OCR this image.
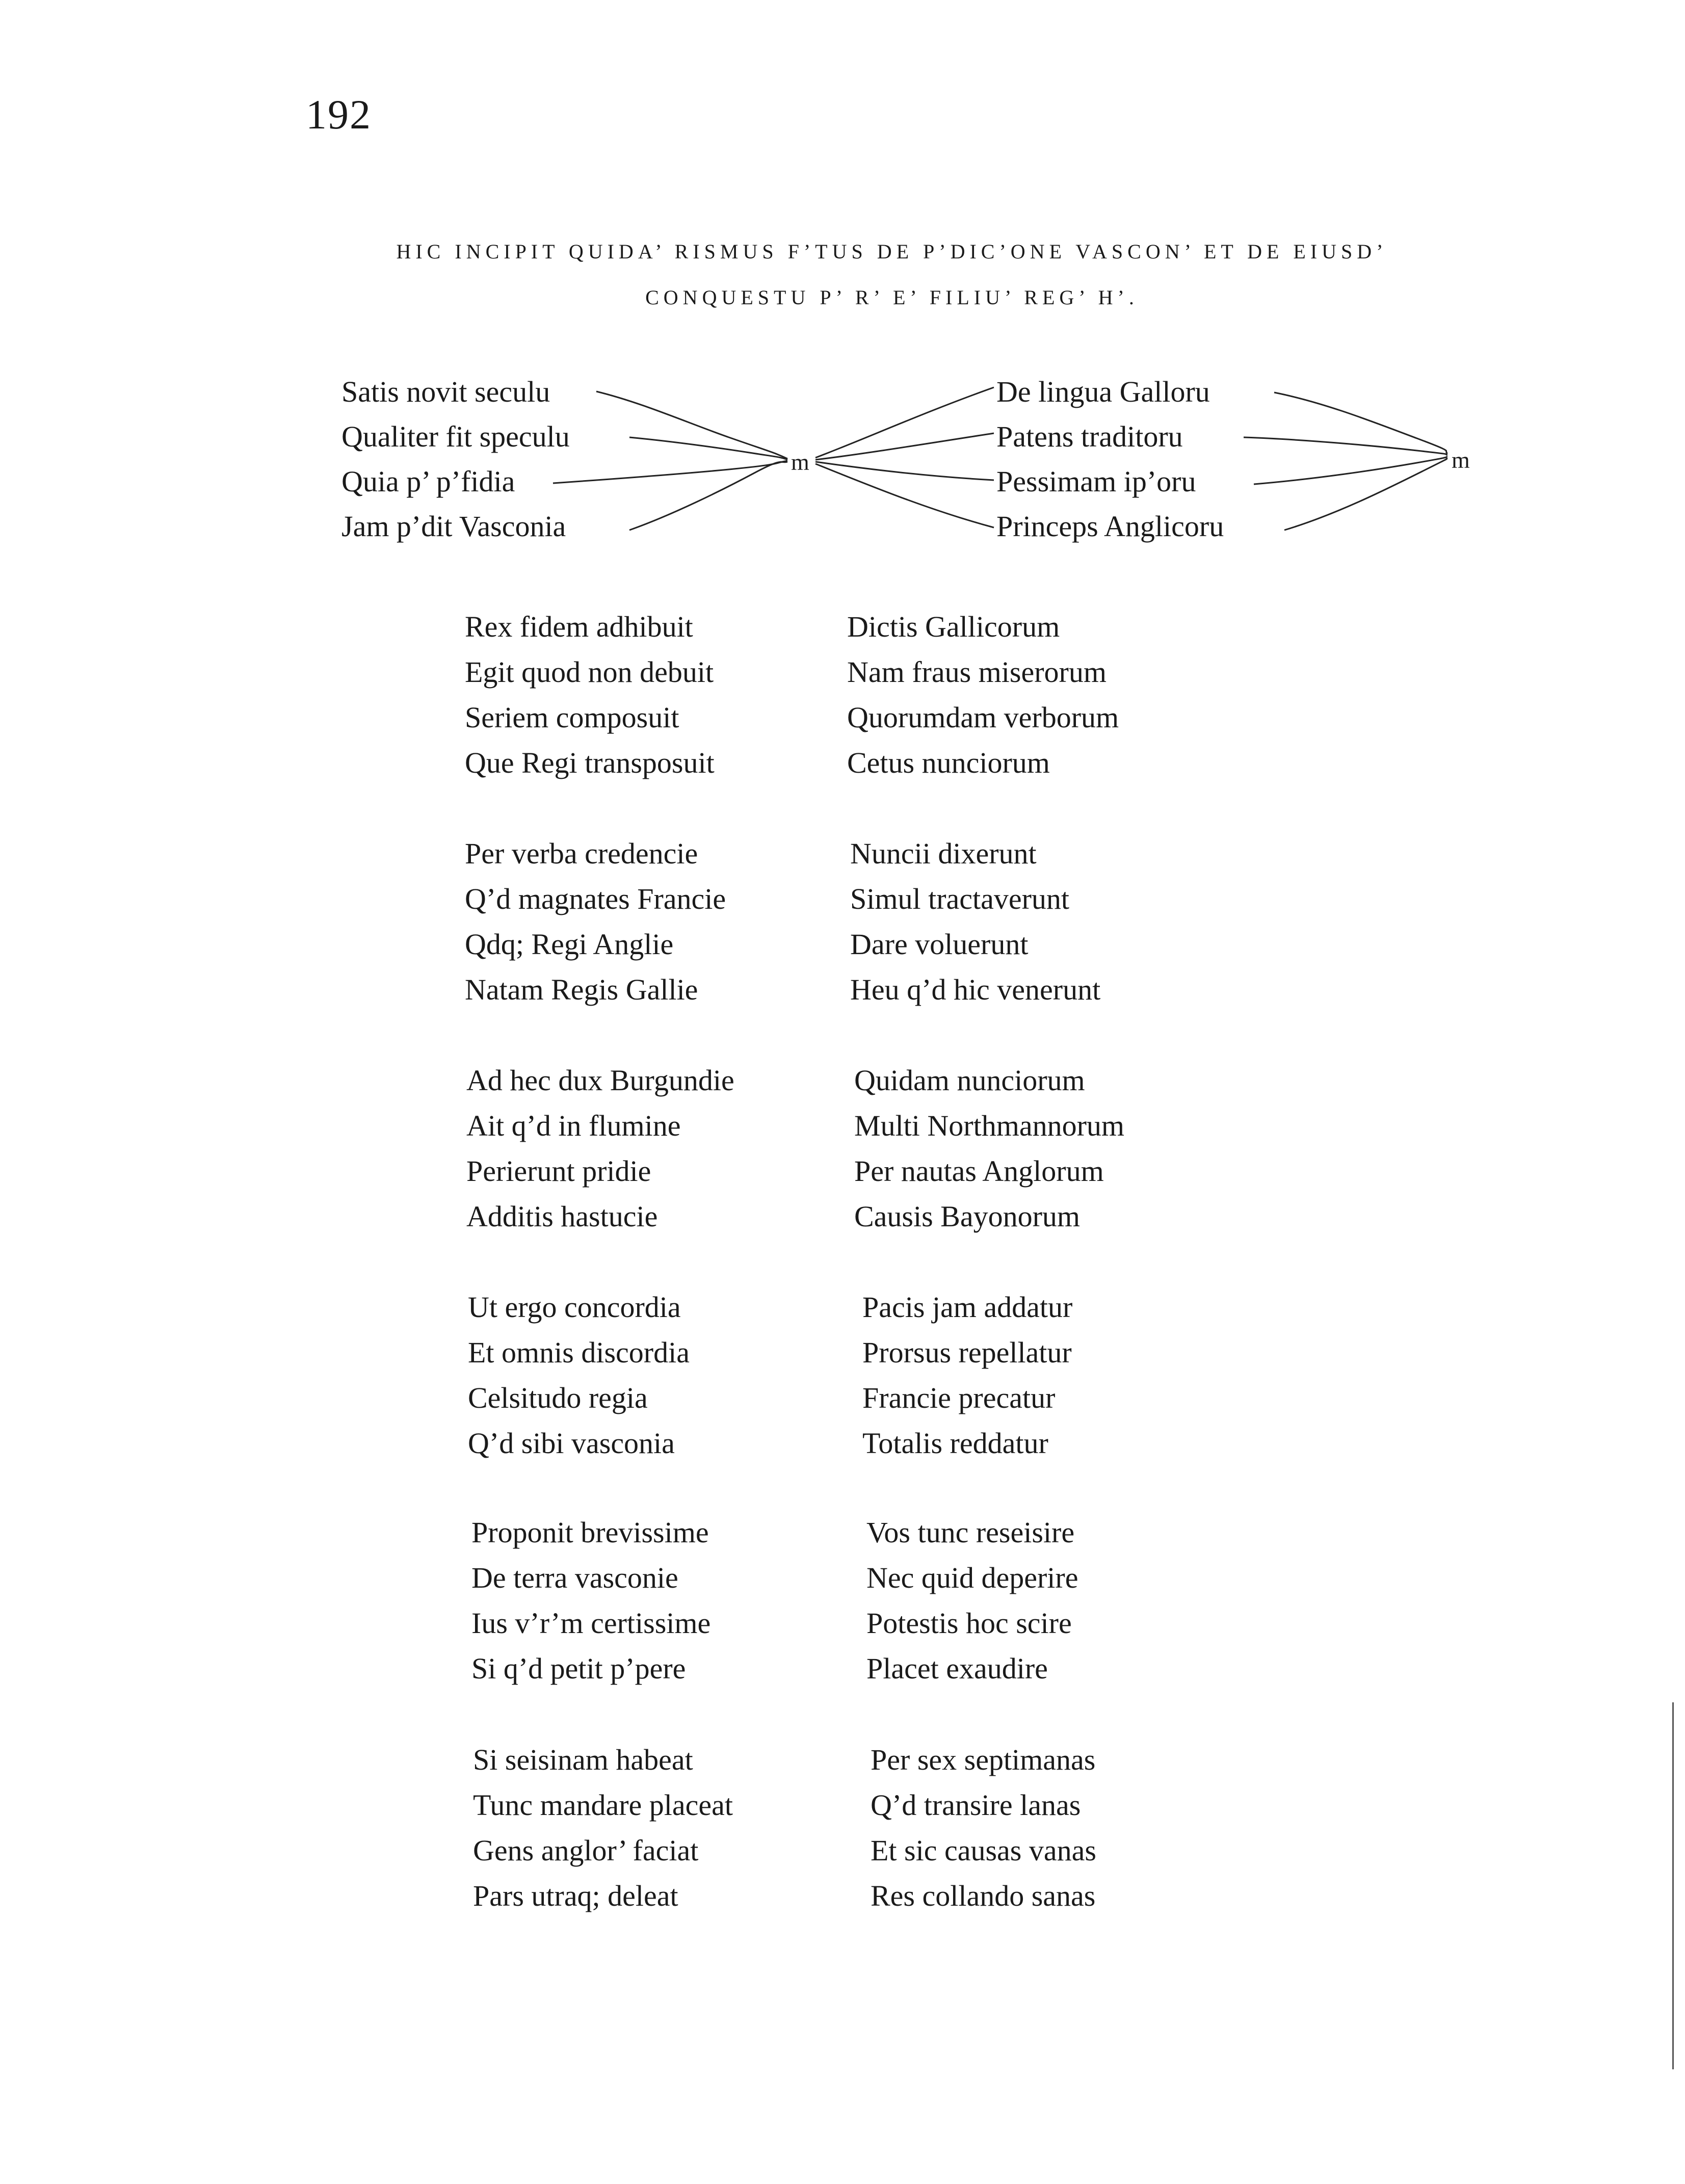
192
HIC INCIPIT QUIDA’ RISMUS F’TUS DE P’DIC’ONE VASCON’ ET DE EIUSD’
CONQUESTU P’ R’ E’ FILIU’ REG’ H’.
Satis novit seculu
Qualiter fit speculu
Quia p’ p’fidia
Jam p’dit Vasconia
m
De lingua Galloru
Patens traditoru
Pessimam ip’oru
Princeps Anglicoru
m
Rex fidem adhibuit
Egit quod non debuit
Seriem composuit
Que Regi transposuit
Dictis Gallicorum
Nam fraus miserorum
Quorumdam verborum
Cetus nunciorum
Per verba credencie
Q’d magnates Francie
Qdq; Regi Anglie
Natam Regis Gallie
Nuncii dixerunt
Simul tractaverunt
Dare voluerunt
Heu q’d hic venerunt
Ad hec dux Burgundie
Ait q’d in flumine
Perierunt pridie
Additis hastucie
Quidam nunciorum
Multi Northmannorum
Per nautas Anglorum
Causis Bayonorum
Ut ergo concordia
Et omnis discordia
Celsitudo regia
Q’d sibi vasconia
Pacis jam addatur
Prorsus repellatur
Francie precatur
Totalis reddatur
Proponit brevissime
De terra vasconie
Ius v’r’m certissime
Si q’d petit p’pere
Vos tunc reseisire
Nec quid deperire
Potestis hoc scire
Placet exaudire
Si seisinam habeat
Tunc mandare placeat
Gens anglor’ faciat
Pars utraq; deleat
Per sex septimanas
Q’d transire lanas
Et sic causas vanas
Res collando sanas
